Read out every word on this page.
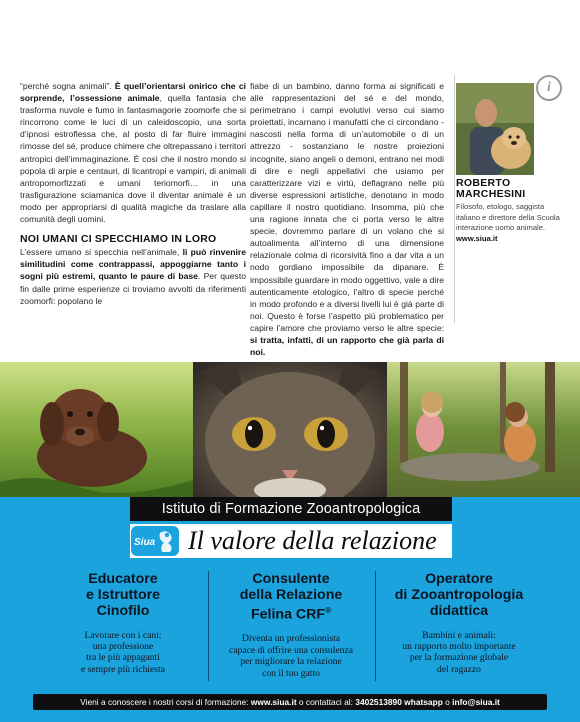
“perché sogna animali”. È quell’orientarsi onirico che ci sorprende, l’ossessione animale, quella fantasia che trasforma nuvole e fumo in fantasmagorie zoomorfe che si rincorrono come le luci di un caleidoscopio, una sorta d’ipnosi estroflessa che, al posto di far fluire immagini rimosse del sé, produce chimere che oltrepassano i territori antropici dell’immaginazione. È così che il nostro mondo si popola di arpie e centauri, di licantropi e vampiri, di animali antropomorfizzati e umani teriomorfi… in una trasfigurazione sciamanica dove il diventar animale è un modo per appropriarsi di qualità magiche da traslare alla comunità degli uomini.

NOI UMANI CI SPECCHIAMO IN LORO

L’essere umano si specchia nell’animale, li può rinvenire similitudini come contrappassi, appoggiarne tanto i sogni più estremi, quanto le paure di base. Per questo fin dalle prime esperienze ci troviamo avvolti da riferimenti zoomorfi: popolano le

fiabe di un bambino, danno forma ai significati e alle rappresentazioni del sé e del mondo, perimetrano i campi evolutivi verso cui siamo proiettati, incarnano i manufatti che ci circondano - nascosti nella forma di un’automobile o di un attrezzo - sostanziano le nostre proiezioni incognite, siano angeli o demoni, entrano nei modi di dire e negli appellativi che usiamo per caratterizzare vizi e virtù, deflagrano nelle più diverse espressioni artistiche, denotano in modo capillare il nostro quotidiano. Insomma, più che una ragione innata che ci porta verso le altre specie, dovremmo parlare di un volano che si autoalimenta all’interno di una dimensione relazionale colma di ricorsività fino a dar vita a un nodo gordiano impossibile da dipanare. È impossibile guardare in modo oggettivo, vale a dire autenticamente etologico, l’altro di specie perché in modo profondo e a diversi livelli lui è già parte di noi. Questo è forse l’aspetto più problematico per capire l’amore che proviamo verso le altre specie: si tratta, infatti, di un rapporto che già parla di noi.

i
ROBERTO
MARCHESINI
Filosofo, etologo, saggista italiano e direttore della Scuola interazione uomo animale. www.siua.it
Istituto di Formazione Zooantropologica
Siua Il valore della relazione
Educatore
e Istruttore
Cinofilo

Lavorare con i cani:
una professione
tra le più appaganti
e sempre più richiesta

Consulente
della Relazione
Felina CRF®

Diventa un professionista
capace di offrire una consulenza
per migliorare la relazione
con il tuo gatto

Operatore
di Zooantropologia
didattica

Bambini e animali:
un rapporto molto importante
per la formazione globale
del ragazzo

Vieni a conoscere i nostri corsi di formazione: www.siua.it o contattaci al: 3402513890 whatsapp o info@siua.it
